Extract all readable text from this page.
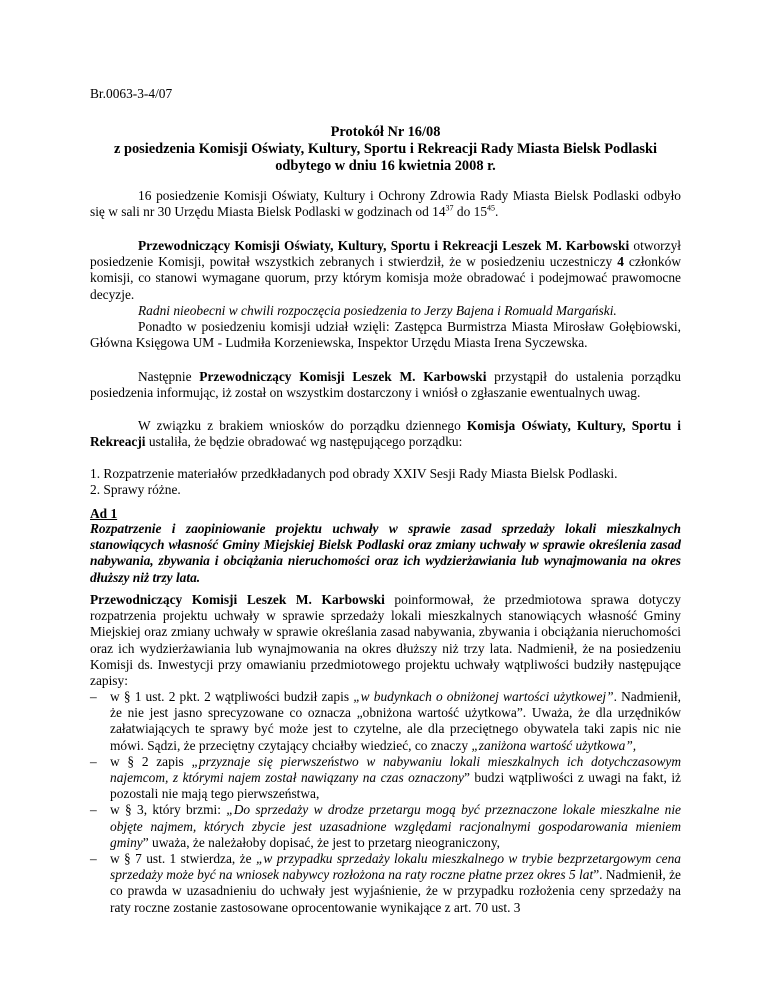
Br.0063-3-4/07

Protokół Nr 16/08
z posiedzenia Komisji Oświaty, Kultury, Sportu i Rekreacji Rady Miasta Bielsk Podlaski
odbytego w dniu 16 kwietnia 2008 r.

16 posiedzenie Komisji Oświaty, Kultury i Ochrony Zdrowia Rady Miasta Bielsk Podlaski odbyło się w sali nr 30 Urzędu Miasta Bielsk Podlaski w godzinach od $14^{37}$ do $15^{45}$.

Przewodniczący Komisji Oświaty, Kultury, Sportu i Rekreacji Leszek M. Karbowski otworzył posiedzenie Komisji, powitał wszystkich zebranych i stwierdził, że w posiedzeniu uczestniczy 4 członków komisji, co stanowi wymagane quorum, przy którym komisja może obradować i podejmować prawomocne decyzje.

Radni nieobecni w chwili rozpoczęcia posiedzenia to Jerzy Bajena i Romuald Margański.

Ponadto w posiedzeniu komisji udział wzięli: Zastępca Burmistrza Miasta Mirosław Gołębiowski, Główna Księgowa UM - Ludmiła Korzeniewska, Inspektor Urzędu Miasta Irena Syczewska.

Następnie Przewodniczący Komisji Leszek M. Karbowski przystąpił do ustalenia porządku posiedzenia informując, iż został on wszystkim dostarczony i wniósł o zgłaszanie ewentualnych uwag.

W związku z brakiem wniosków do porządku dziennego Komisja Oświaty, Kultury, Sportu i Rekreacji ustaliła, że będzie obradować wg następującego porządku:

1. Rozpatrzenie materiałów przedkładanych pod obrady XXIV Sesji Rady Miasta Bielsk Podlaski.
2. Sprawy różne.

Ad 1

Rozpatrzenie i zaopiniowanie projektu uchwały w sprawie zasad sprzedaży lokali mieszkalnych stanowiących własność Gminy Miejskiej Bielsk Podlaski oraz zmiany uchwały w sprawie określenia zasad nabywania, zbywania i obciążania nieruchomości oraz ich wydzierżawiania lub wynajmowania na okres dłuższy niż trzy lata.

Przewodniczący Komisji Leszek M. Karbowski poinformował, że przedmiotowa sprawa dotyczy rozpatrzenia projektu uchwały w sprawie sprzedaży lokali mieszkalnych stanowiących własność Gminy Miejskiej oraz zmiany uchwały w sprawie określania zasad nabywania, zbywania i obciążania nieruchomości oraz ich wydzierżawiania lub wynajmowania na okres dłuższy niż trzy lata. Nadmienił, że na posiedzeniu Komisji ds. Inwestycji przy omawianiu przedmiotowego projektu uchwały wątpliwości budziły następujące zapisy:

– w § 1 ust. 2 pkt. 2 wątpliwości budził zapis „w budynkach o obniżonej wartości użytkowej”. Nadmienił, że nie jest jasno sprecyzowane co oznacza „obniżona wartość użytkowa”. Uważa, że dla urzędników załatwiających te sprawy być może jest to czytelne, ale dla przeciętnego obywatela taki zapis nic nie mówi. Sądzi, że przeciętny czytający chciałby wiedzieć, co znaczy „zaniżona wartość użytkowa”,
– w § 2 zapis „przyznaje się pierwszeństwo w nabywaniu lokali mieszkalnych ich dotychczasowym najemcom, z którymi najem został nawiązany na czas oznaczony” budzi wątpliwości z uwagi na fakt, iż pozostali nie mają tego pierwszeństwa,
– w § 3, który brzmi: „Do sprzedaży w drodze przetargu mogą być przeznaczone lokale mieszkalne nie objęte najmem, których zbycie jest uzasadnione względami racjonalnymi gospodarowania mieniem gminy” uważa, że należałoby dopisać, że jest to przetarg nieograniczony,
– w § 7 ust. 1 stwierdza, że „w przypadku sprzedaży lokalu mieszkalnego w trybie bezprzetargowym cena sprzedaży może być na wniosek nabywcy rozłożona na raty roczne płatne przez okres 5 lat”. Nadmienił, że co prawda w uzasadnieniu do uchwały jest wyjaśnienie, że w przypadku rozłożenia ceny sprzedaży na raty roczne zostanie zastosowane oprocentowanie wynikające z art. 70 ust. 3
